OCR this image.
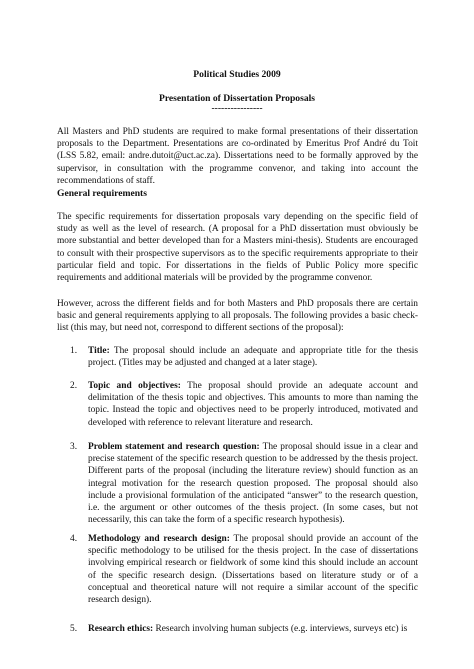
Political Studies 2009
Presentation of Dissertation Proposals
----------------
All Masters and PhD students are required to make formal presentations of their dissertation proposals to the Department. Presentations are co-ordinated by Emeritus Prof André du Toit (LSS 5.82, email: andre.dutoit@uct.ac.za). Dissertations need to be formally approved by the supervisor, in consultation with the programme convenor, and taking into account the recommendations of staff.
General requirements
The specific requirements for dissertation proposals vary depending on the specific field of study as well as the level of research. (A proposal for a PhD dissertation must obviously be more substantial and better developed than for a Masters mini-thesis). Students are encouraged to consult with their prospective supervisors as to the specific requirements appropriate to their particular field and topic. For dissertations in the fields of Public Policy more specific requirements and additional materials will be provided by the programme convenor.
However, across the different fields and for both Masters and PhD proposals there are certain basic and general requirements applying to all proposals. The following provides a basic check-list (this may, but need not, correspond to different sections of the proposal):
1. Title: The proposal should include an adequate and appropriate title for the thesis project. (Titles may be adjusted and changed at a later stage).
2. Topic and objectives: The proposal should provide an adequate account and delimitation of the thesis topic and objectives. This amounts to more than naming the topic. Instead the topic and objectives need to be properly introduced, motivated and developed with reference to relevant literature and research.
3. Problem statement and research question: The proposal should issue in a clear and precise statement of the specific research question to be addressed by the thesis project. Different parts of the proposal (including the literature review) should function as an integral motivation for the research question proposed. The proposal should also include a provisional formulation of the anticipated “answer” to the research question, i.e. the argument or other outcomes of the thesis project. (In some cases, but not necessarily, this can take the form of a specific research hypothesis).
4. Methodology and research design: The proposal should provide an account of the specific methodology to be utilised for the thesis project. In the case of dissertations involving empirical research or fieldwork of some kind this should include an account of the specific research design. (Dissertations based on literature study or of a conceptual and theoretical nature will not require a similar account of the specific research design).
5. Research ethics: Research involving human subjects (e.g. interviews, surveys etc) is
